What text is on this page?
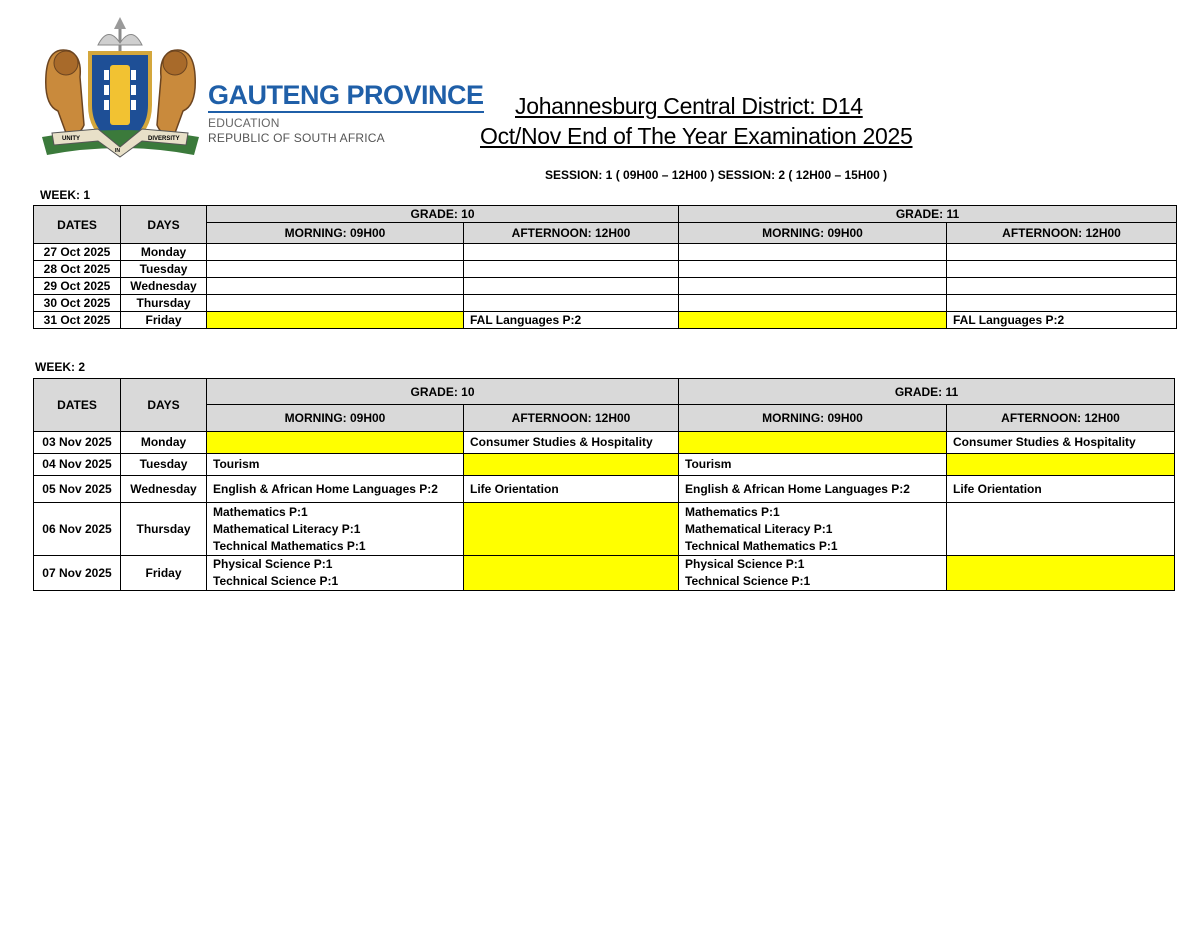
UNITY
IN
DIVERSITY
GAUTENG PROVINCE
EDUCATION
REPUBLIC OF SOUTH AFRICA
Johannesburg Central District: D14
Oct/Nov End of The Year Examination 2025
SESSION: 1 ( 09H00 – 12H00 ) SESSION: 2 ( 12H00 – 15H00 )
WEEK: 1
DATES	DAYS	GRADE: 10		GRADE: 11	
		MORNING: 09H00	AFTERNOON: 12H00	MORNING: 09H00	AFTERNOON: 12H00
27 Oct 2025	Monday				
28 Oct 2025	Tuesday				
29 Oct 2025	Wednesday				
30 Oct 2025	Thursday				
31 Oct 2025	Friday		FAL Languages P:2		FAL Languages P:2
WEEK: 2
DATES	DAYS	GRADE: 10		GRADE: 11	
		MORNING: 09H00	AFTERNOON: 12H00	MORNING: 09H00	AFTERNOON: 12H00
03 Nov 2025	Monday		Consumer Studies & Hospitality		Consumer Studies & Hospitality
04 Nov 2025	Tuesday	Tourism		Tourism	
05 Nov 2025	Wednesday	English & African Home Languages P:2	Life Orientation	English & African Home Languages P:2	Life Orientation
06 Nov 2025	Thursday	Mathematics P:1
Mathematical Literacy P:1
Technical Mathematics P:1		Mathematics P:1
Mathematical Literacy P:1
Technical Mathematics P:1	
07 Nov 2025	Friday	Physical Science P:1
Technical Science P:1		Physical Science P:1
Technical Science P:1	
